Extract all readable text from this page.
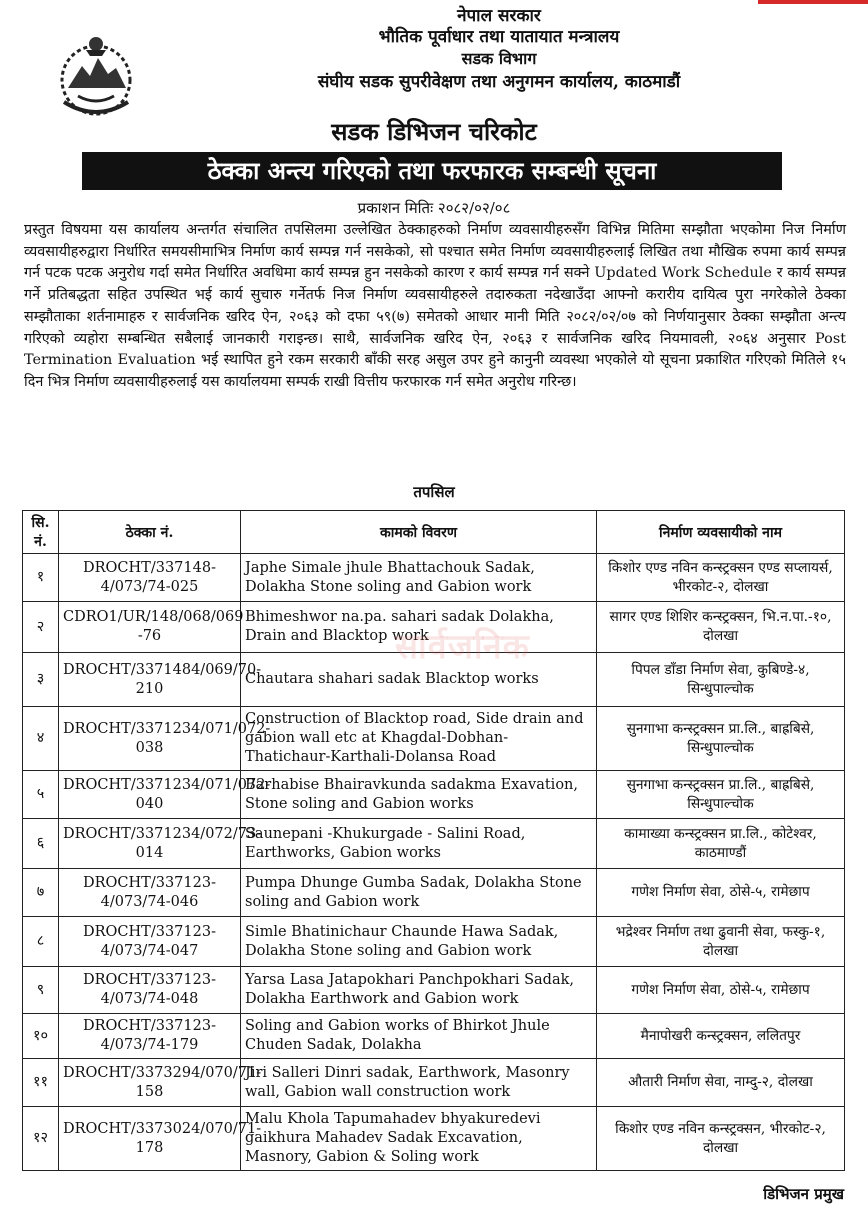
नेपाल सरकार
भौतिक पूर्वाधार तथा यातायात मन्त्रालय
सडक विभाग
संघीय सडक सुपरीवेक्षण तथा अनुगमन कार्यालय, काठमाडौं
सडक डिभिजन चरिकोट
ठेक्का अन्त्य गरिएको तथा फरफारक सम्बन्धी सूचना
प्रकाशन मितिः २०८२/०२/०८

प्रस्तुत विषयमा यस कार्यालय अन्तर्गत संचालित तपसिलमा उल्लेखित ठेक्काहरुको निर्माण व्यवसायीहरुसँग विभिन्न मितिमा सम्झौता भएकोमा निज निर्माण व्यवसायीहरुद्वारा निर्धारित समयसीमाभित्र निर्माण कार्य सम्पन्न गर्न नसकेको, सो पश्चात समेत निर्माण व्यवसायीहरुलाई लिखित तथा मौखिक रुपमा कार्य सम्पन्न गर्न पटक पटक अनुरोध गर्दा समेत निर्धारित अवधिमा कार्य सम्पन्न हुन नसकेको कारण र कार्य सम्पन्न गर्न सक्ने Updated Work Schedule र कार्य सम्पन्न गर्ने प्रतिबद्धता सहित उपस्थित भई कार्य सुचारु गर्नेतर्फ निज निर्माण व्यवसायीहरुले तदारुकता नदेखाउँदा आफ्नो करारीय दायित्व पुरा नगरेकोले ठेक्का सम्झौताका शर्तनामाहरु र सार्वजनिक खरिद ऐन, २०६३ को दफा ५९(७) समेतको आधार मानी मिति २०८२/०२/०७ को निर्णयानुसार ठेक्का सम्झौता अन्त्य गरिएको व्यहोरा सम्बन्धित सबैलाई जानकारी गराइन्छ। साथै, सार्वजनिक खरिद ऐन, २०६३ र सार्वजनिक खरिद नियमावली, २०६४ अनुसार Post Termination Evaluation भई स्थापित हुने रकम सरकारी बाँकी सरह असुल उपर हुने कानुनी व्यवस्था भएकोले यो सूचना प्रकाशित गरिएको मितिले १५ दिन भित्र निर्माण व्यवसायीहरुलाई यस कार्यालयमा सम्पर्क राखी वित्तीय फरफारक गर्न समेत अनुरोध गरिन्छ।

तपसिल
सि. नं.	ठेक्का नं.	कामको विवरण	निर्माण व्यवसायीको नाम
१	DROCHT/337148-4/073/74-025	Japhe Simale jhule Bhattachouk Sadak, Dolakha Stone soling and Gabion work	किशोर एण्ड नविन कन्स्ट्रक्सन एण्ड सप्लायर्स, भीरकोट-२, दोलखा
२	CDRO1/UR/148/068/069 -76	Bhimeshwor na.pa. sahari sadak Dolakha, Drain and Blacktop work	सागर एण्ड शिशिर कन्स्ट्रक्सन, भि.न.पा.-१०, दोलखा
३	DROCHT/3371484/069/70-210	Chautara shahari sadak Blacktop works	पिपल डाँडा निर्माण सेवा, कुबिण्डे-४, सिन्धुपाल्चोक
४	DROCHT/3371234/071/072-038	Construction of Blacktop road, Side drain and gabion wall etc at Khagdal-Dobhan-Thatichaur-Karthali-Dolansa Road	सुनगाभा कन्स्ट्रक्सन प्रा.लि., बाह्रबिसे, सिन्धुपाल्चोक
५	DROCHT/3371234/071/072-040	Barhabise Bhairavkunda sadakma Exavation, Stone soling and Gabion works	सुनगाभा कन्स्ट्रक्सन प्रा.लि., बाह्रबिसे, सिन्धुपाल्चोक
६	DROCHT/3371234/072/73-014	Saunepani -Khukurgade - Salini Road, Earthworks, Gabion works	कामाख्या कन्स्ट्रक्सन प्रा.लि., कोटेश्वर, काठमाण्डौं
७	DROCHT/337123-4/073/74-046	Pumpa Dhunge Gumba Sadak, Dolakha Stone soling and Gabion work	गणेश निर्माण सेवा, ठोसे-५, रामेछाप
८	DROCHT/337123-4/073/74-047	Simle Bhatinichaur Chaunde Hawa Sadak, Dolakha Stone soling and Gabion work	भद्रेश्वर निर्माण तथा ढुवानी सेवा, फस्कु-१, दोलखा
९	DROCHT/337123-4/073/74-048	Yarsa Lasa Jatapokhari Panchpokhari Sadak, Dolakha Earthwork and Gabion work	गणेश निर्माण सेवा, ठोसे-५, रामेछाप
१०	DROCHT/337123-4/073/74-179	Soling and Gabion works of Bhirkot Jhule Chuden Sadak, Dolakha	मैनापोखरी कन्स्ट्रक्सन, ललितपुर
११	DROCHT/3373294/070/71-158	Jiri Salleri Dinri sadak, Earthwork, Masonry wall, Gabion wall construction work	औतारी निर्माण सेवा, नाम्दु-२, दोलखा
१२	DROCHT/3373024/070/71-178	Malu Khola Tapumahadev bhyakuredevi gaikhura Mahadev Sadak Excavation, Masnory, Gabion & Soling work	किशोर एण्ड नविन कन्स्ट्रक्सन, भीरकोट-२, दोलखा
सार्वजनिक
डिभिजन प्रमुख
